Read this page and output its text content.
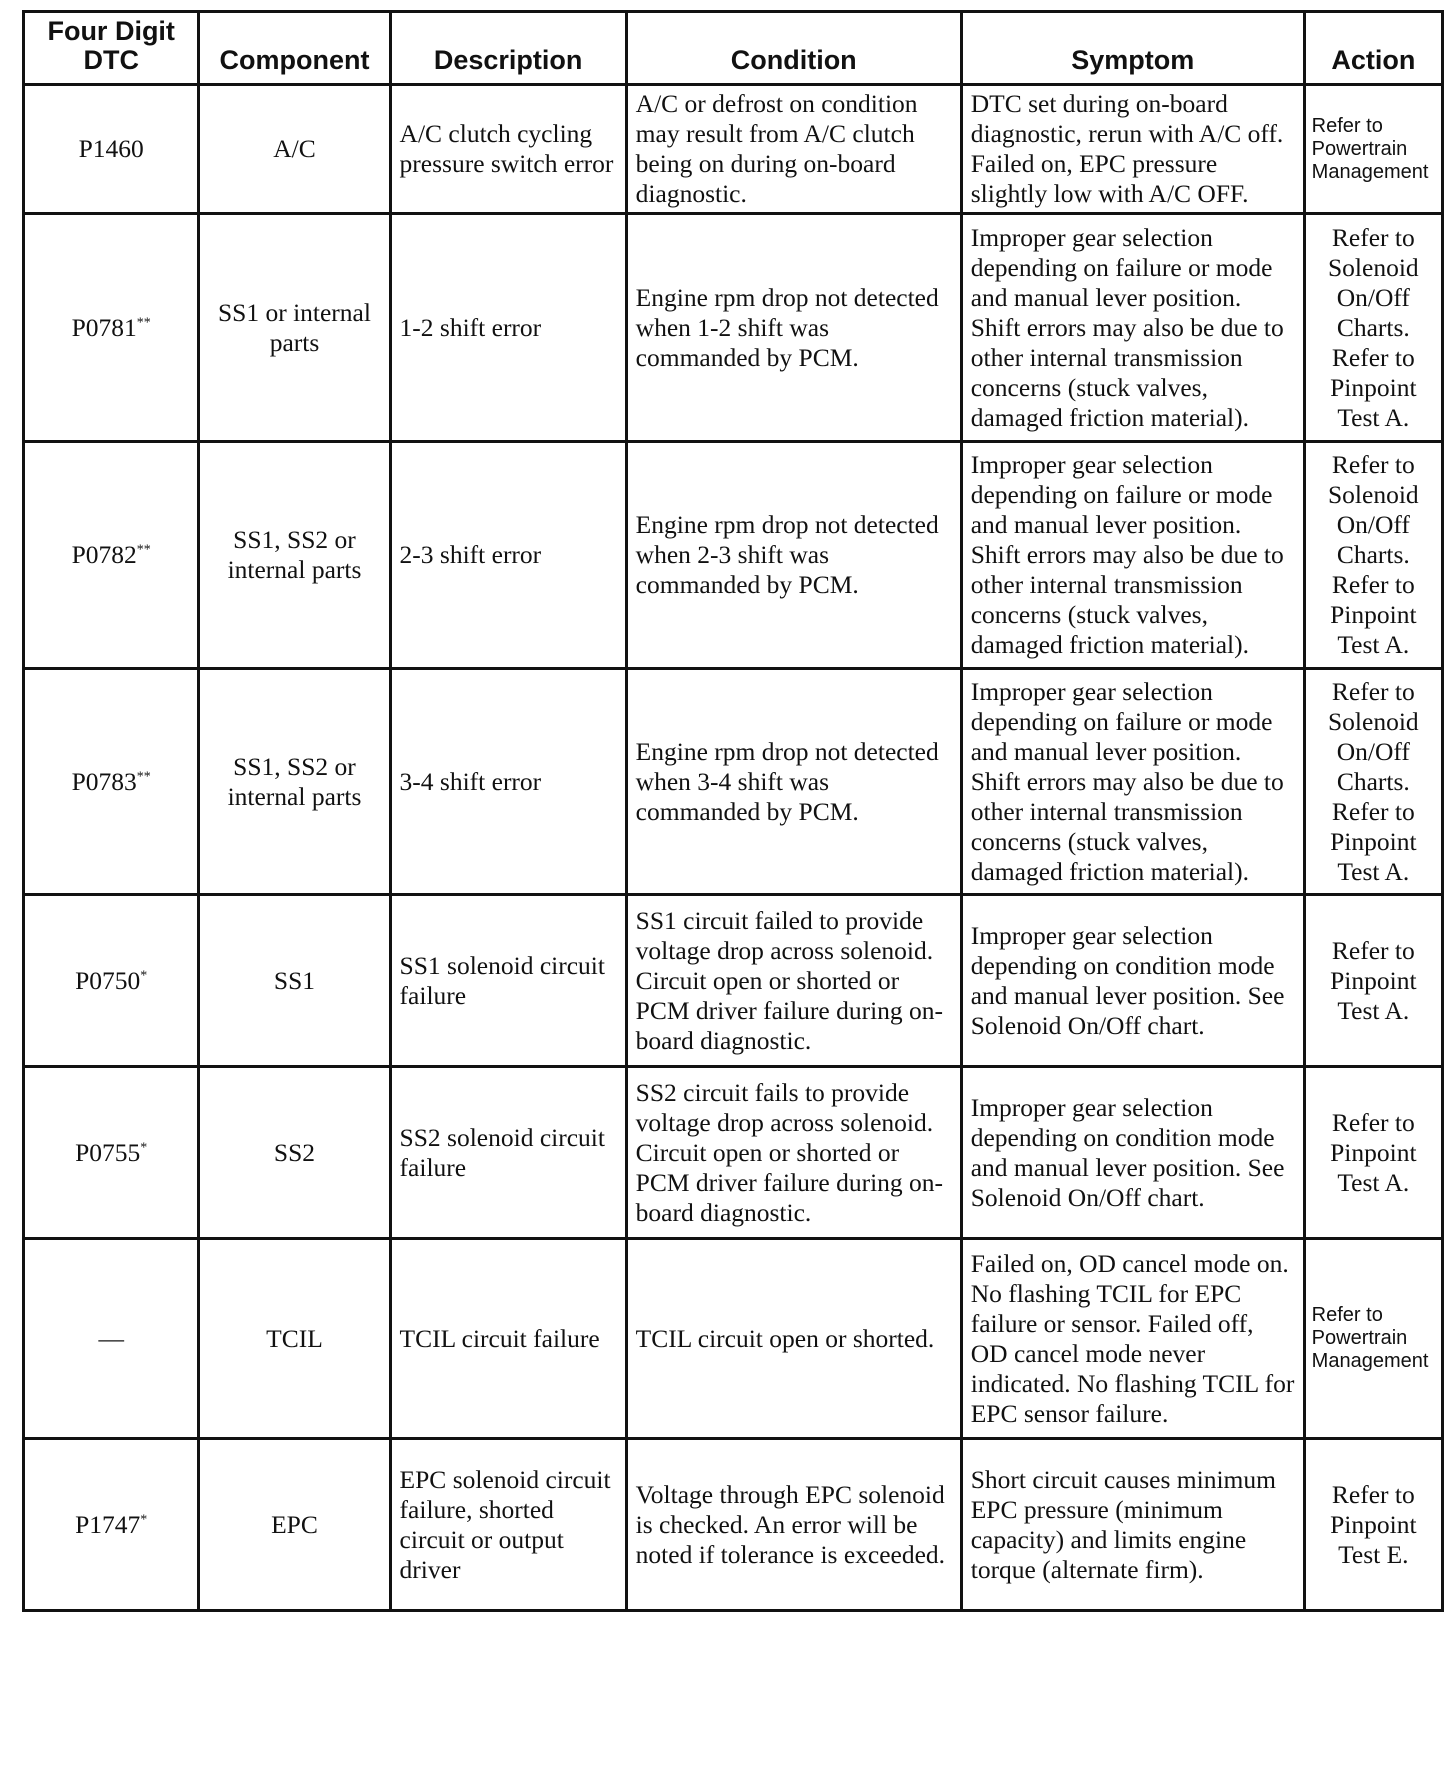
Four Digit DTC	Component	Description	Condition	Symptom	Action
P1460	A/C	A/C clutch cycling pressure switch error	A/C or defrost on condition may result from A/C clutch being on during on-board diagnostic.	DTC set during on-board diagnostic, rerun with A/C off. Failed on, EPC pressure slightly low with A/C OFF.	Refer to Powertrain Management
P0781**	SS1 or internal parts	1-2 shift error	Engine rpm drop not detected when 1-2 shift was commanded by PCM.	Improper gear selection depending on failure or mode and manual lever position. Shift errors may also be due to other internal transmission concerns (stuck valves, damaged friction material).	Refer to Solenoid On/Off Charts. Refer to Pinpoint Test A.
P0782**	SS1, SS2 or internal parts	2-3 shift error	Engine rpm drop not detected when 2-3 shift was commanded by PCM.	Improper gear selection depending on failure or mode and manual lever position. Shift errors may also be due to other internal transmission concerns (stuck valves, damaged friction material).	Refer to Solenoid On/Off Charts. Refer to Pinpoint Test A.
P0783**	SS1, SS2 or internal parts	3-4 shift error	Engine rpm drop not detected when 3-4 shift was commanded by PCM.	Improper gear selection depending on failure or mode and manual lever position. Shift errors may also be due to other internal transmission concerns (stuck valves, damaged friction material).	Refer to Solenoid On/Off Charts. Refer to Pinpoint Test A.
P0750*	SS1	SS1 solenoid circuit failure	SS1 circuit failed to provide voltage drop across solenoid. Circuit open or shorted or PCM driver failure during on-board diagnostic.	Improper gear selection depending on condition mode and manual lever position. See Solenoid On/Off chart.	Refer to Pinpoint Test A.
P0755*	SS2	SS2 solenoid circuit failure	SS2 circuit fails to provide voltage drop across solenoid. Circuit open or shorted or PCM driver failure during on-board diagnostic.	Improper gear selection depending on condition mode and manual lever position. See Solenoid On/Off chart.	Refer to Pinpoint Test A.
—	TCIL	TCIL circuit failure	TCIL circuit open or shorted.	Failed on, OD cancel mode on. No flashing TCIL for EPC failure or sensor. Failed off, OD cancel mode never indicated. No flashing TCIL for EPC sensor failure.	Refer to Powertrain Management
P1747*	EPC	EPC solenoid circuit failure, shorted circuit or output driver	Voltage through EPC solenoid is checked. An error will be noted if tolerance is exceeded.	Short circuit causes minimum EPC pressure (minimum capacity) and limits engine torque (alternate firm).	Refer to Pinpoint Test E.
